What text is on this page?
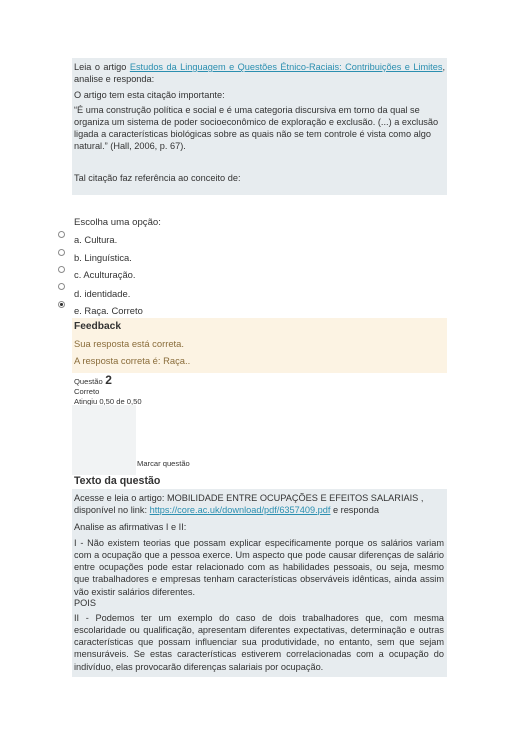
Leia o artigo Estudos da Linguagem e Questões Étnico-Raciais: Contribuições e Limites, analise e responda:

O artigo tem esta citação importante:

“É uma construção política e social e é uma categoria discursiva em torno da qual se organiza um sistema de poder socioeconômico de exploração e exclusão. (...) a exclusão ligada a características biológicas sobre as quais não se tem controle é vista como algo natural.” (Hall, 2006, p. 67).

Tal citação faz referência ao conceito de:

Escolha uma opção:

a. Cultura.
b. Linguística.
c. Aculturação.
d. identidade.
e. Raça. Correto
Feedback
Sua resposta está correta.
A resposta correta é: Raça..
Questão 2
Correto
Atingiu 0,50 de 0,50
Marcar questão
Texto da questão

Acesse e leia o artigo: MOBILIDADE ENTRE OCUPAÇÕES E EFEITOS SALARIAIS , disponível no link: https://core.ac.uk/download/pdf/6357409.pdf e responda

Analise as afirmativas I e II:

I - Não existem teorias que possam explicar especificamente porque os salários variam com a ocupação que a pessoa exerce. Um aspecto que pode causar diferenças de salário entre ocupações pode estar relacionado com as habilidades pessoais, ou seja, mesmo que trabalhadores e empresas tenham características observáveis idênticas, ainda assim vão existir salários diferentes.

POIS

II - Podemos ter um exemplo do caso de dois trabalhadores que, com mesma escolaridade ou qualificação, apresentam diferentes expectativas, determinação e outras características que possam influenciar sua produtividade, no entanto, sem que sejam mensuráveis. Se estas características estiverem correlacionadas com a ocupação do indivíduo, elas provocarão diferenças salariais por ocupação.
